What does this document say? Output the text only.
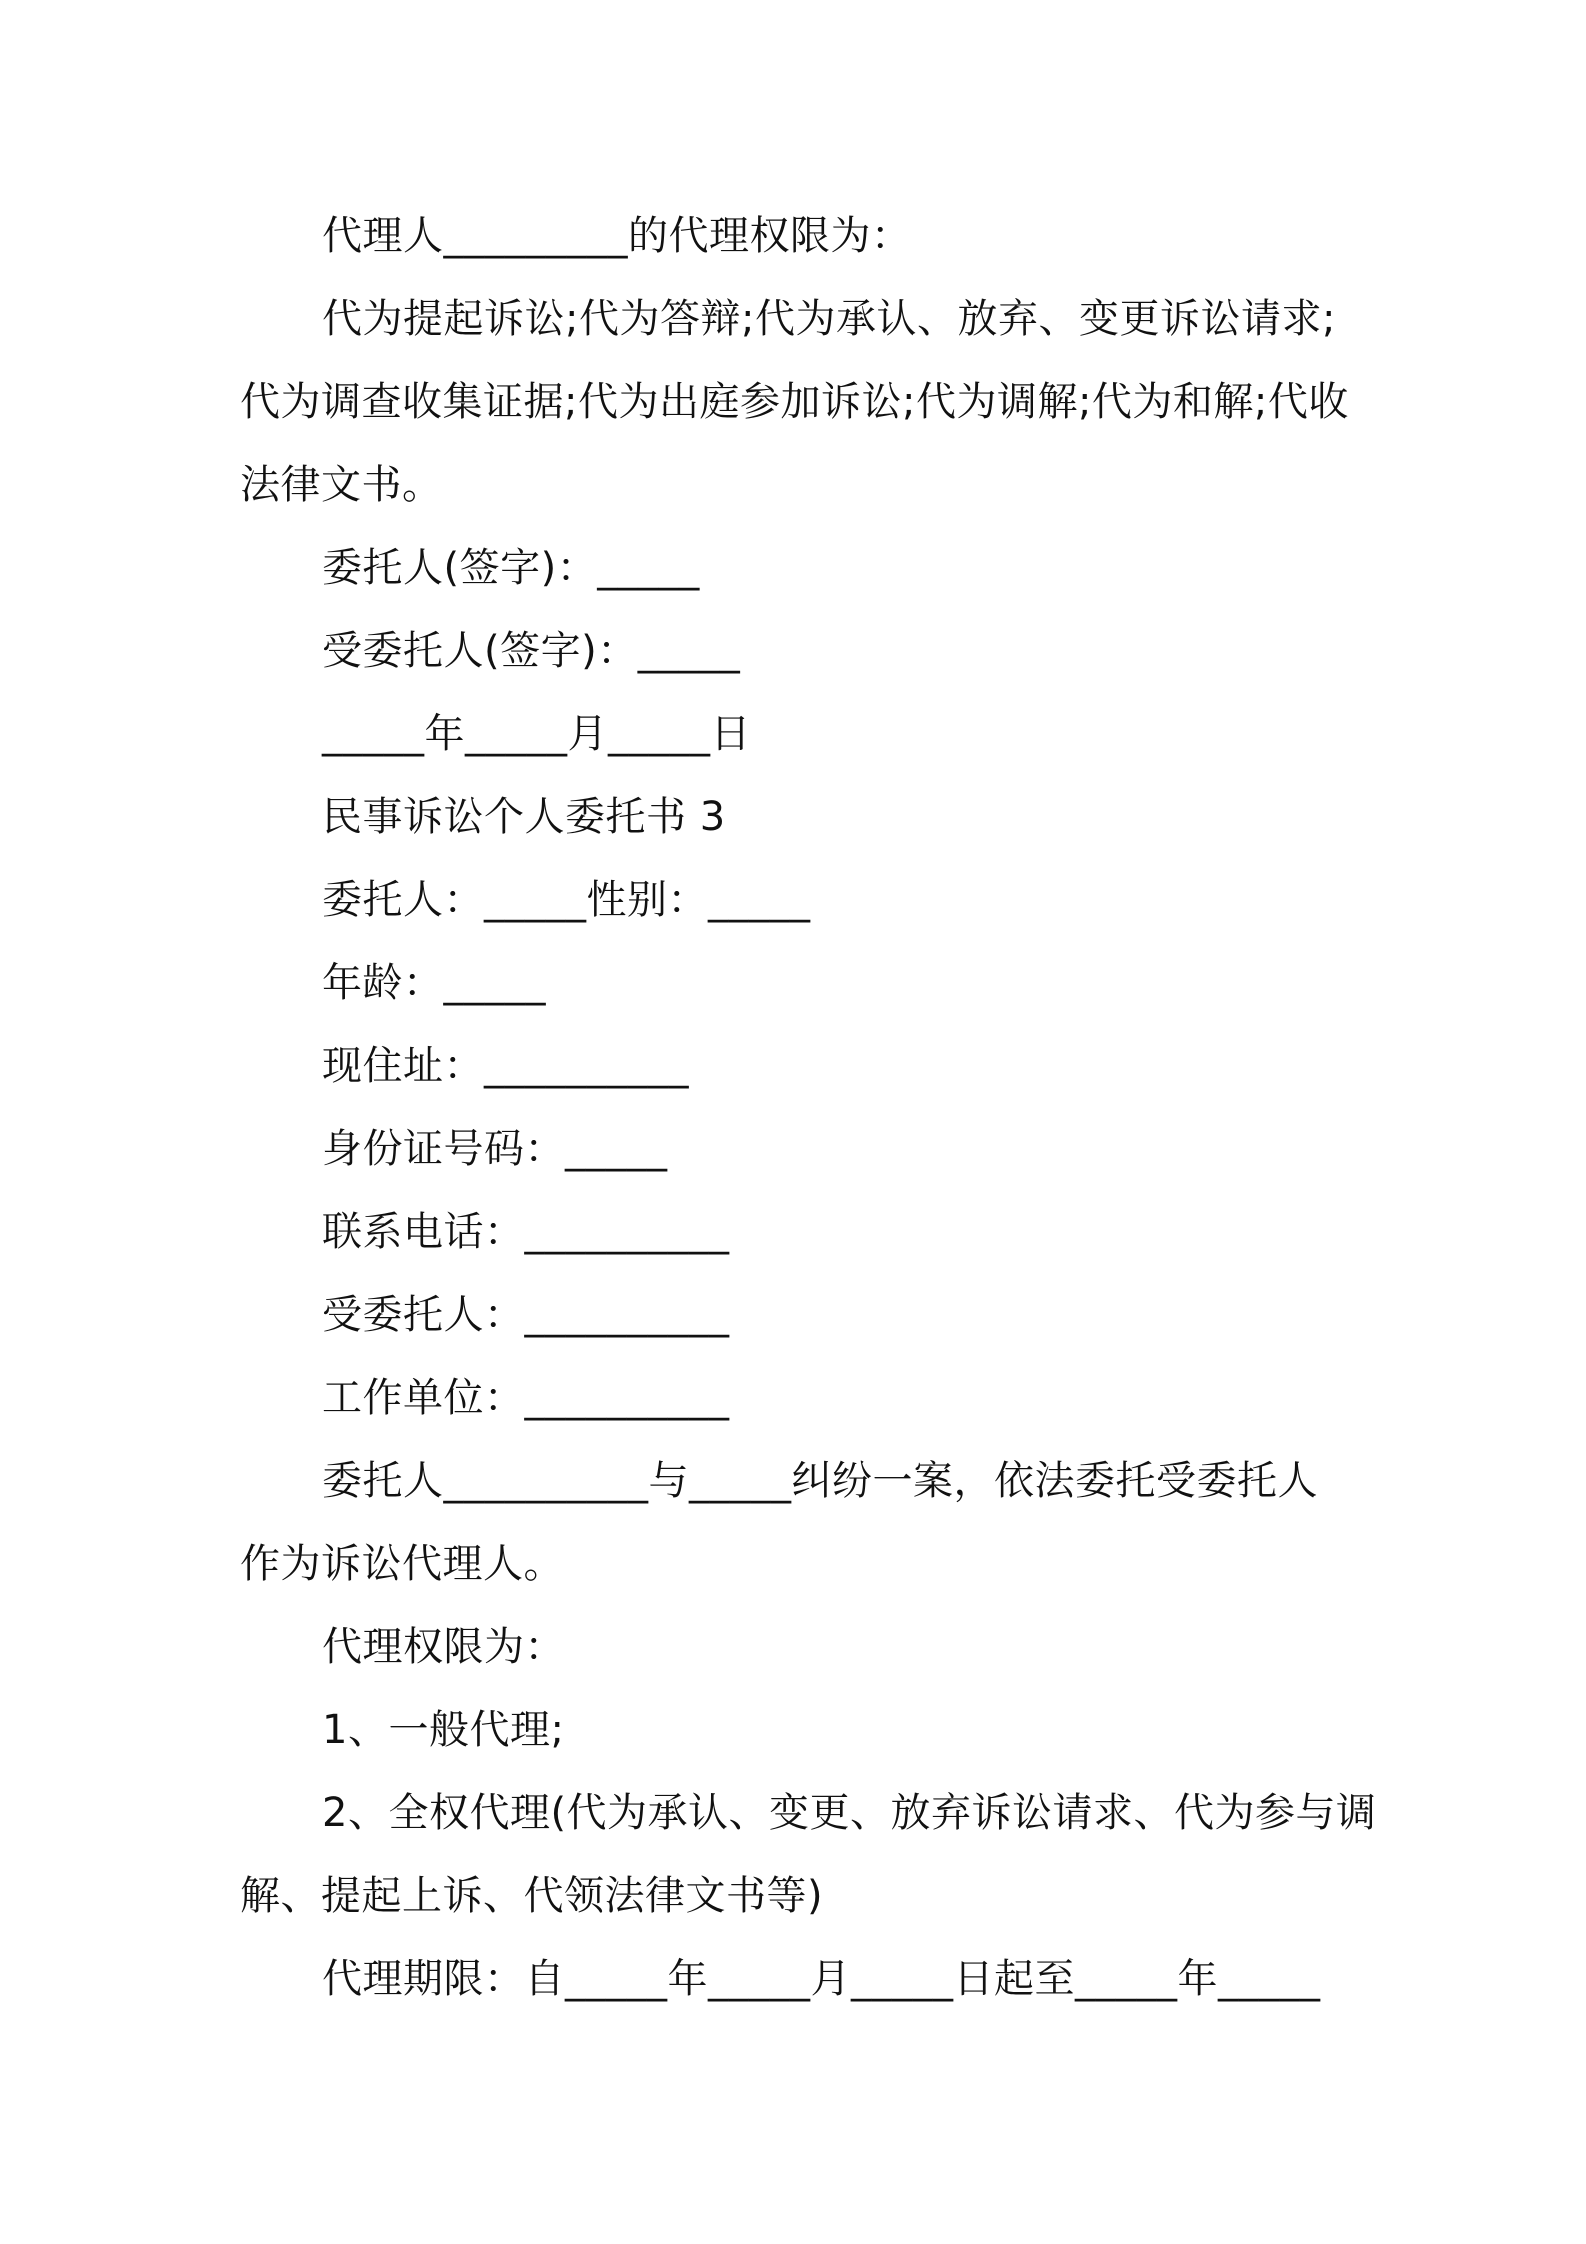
代理人_________的代理权限为：
代为提起诉讼;代为答辩;代为承认、放弃、变更诉讼请求;
代为调查收集证据;代为出庭参加诉讼;代为调解;代为和解;代收
法律文书。
委托人(签字)：_____
受委托人(签字)：_____
_____年_____月_____日
民事诉讼个人委托书 3
委托人：_____性别：_____
年龄：_____
现住址：__________
身份证号码：_____
联系电话：__________
受委托人：__________
工作单位：__________
委托人__________与_____纠纷一案，依法委托受委托人
作为诉讼代理人。
代理权限为：
1、一般代理;
2、全权代理(代为承认、变更、放弃诉讼请求、代为参与调
解、提起上诉、代领法律文书等)
代理期限：自_____年_____月_____日起至_____年_____
